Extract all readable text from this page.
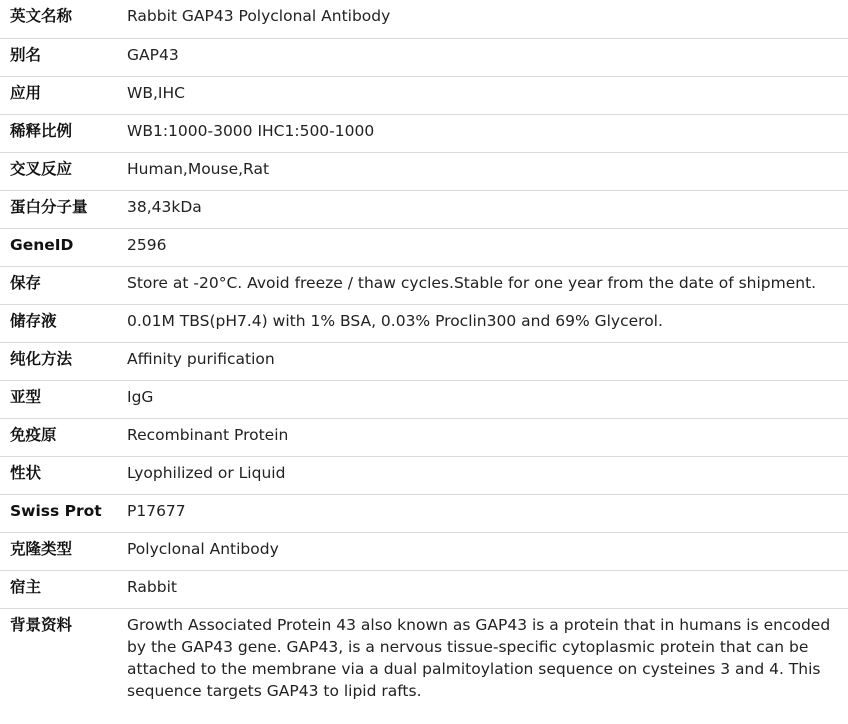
英文名称	Rabbit GAP43 Polyclonal Antibody
别名	GAP43
应用	WB,IHC
稀释比例	WB1:1000-3000 IHC1:500-1000
交叉反应	Human,Mouse,Rat
蛋白分子量	38,43kDa
GeneID	2596
保存	Store at -20°C. Avoid freeze / thaw cycles.Stable for one year from the date of shipment.
储存液	0.01M TBS(pH7.4) with 1% BSA, 0.03% Proclin300 and 69% Glycerol.
纯化方法	Affinity purification
亚型	IgG
免疫原	Recombinant Protein
性状	Lyophilized or Liquid
Swiss Prot	P17677
克隆类型	Polyclonal Antibody
宿主	Rabbit
背景资料	Growth Associated Protein 43 also known as GAP43 is a protein that in humans is encoded by the GAP43 gene. GAP43, is a nervous tissue-specific cytoplasmic protein that can be attached to the membrane via a dual palmitoylation sequence on cysteines 3 and 4. This sequence targets GAP43 to lipid rafts.
